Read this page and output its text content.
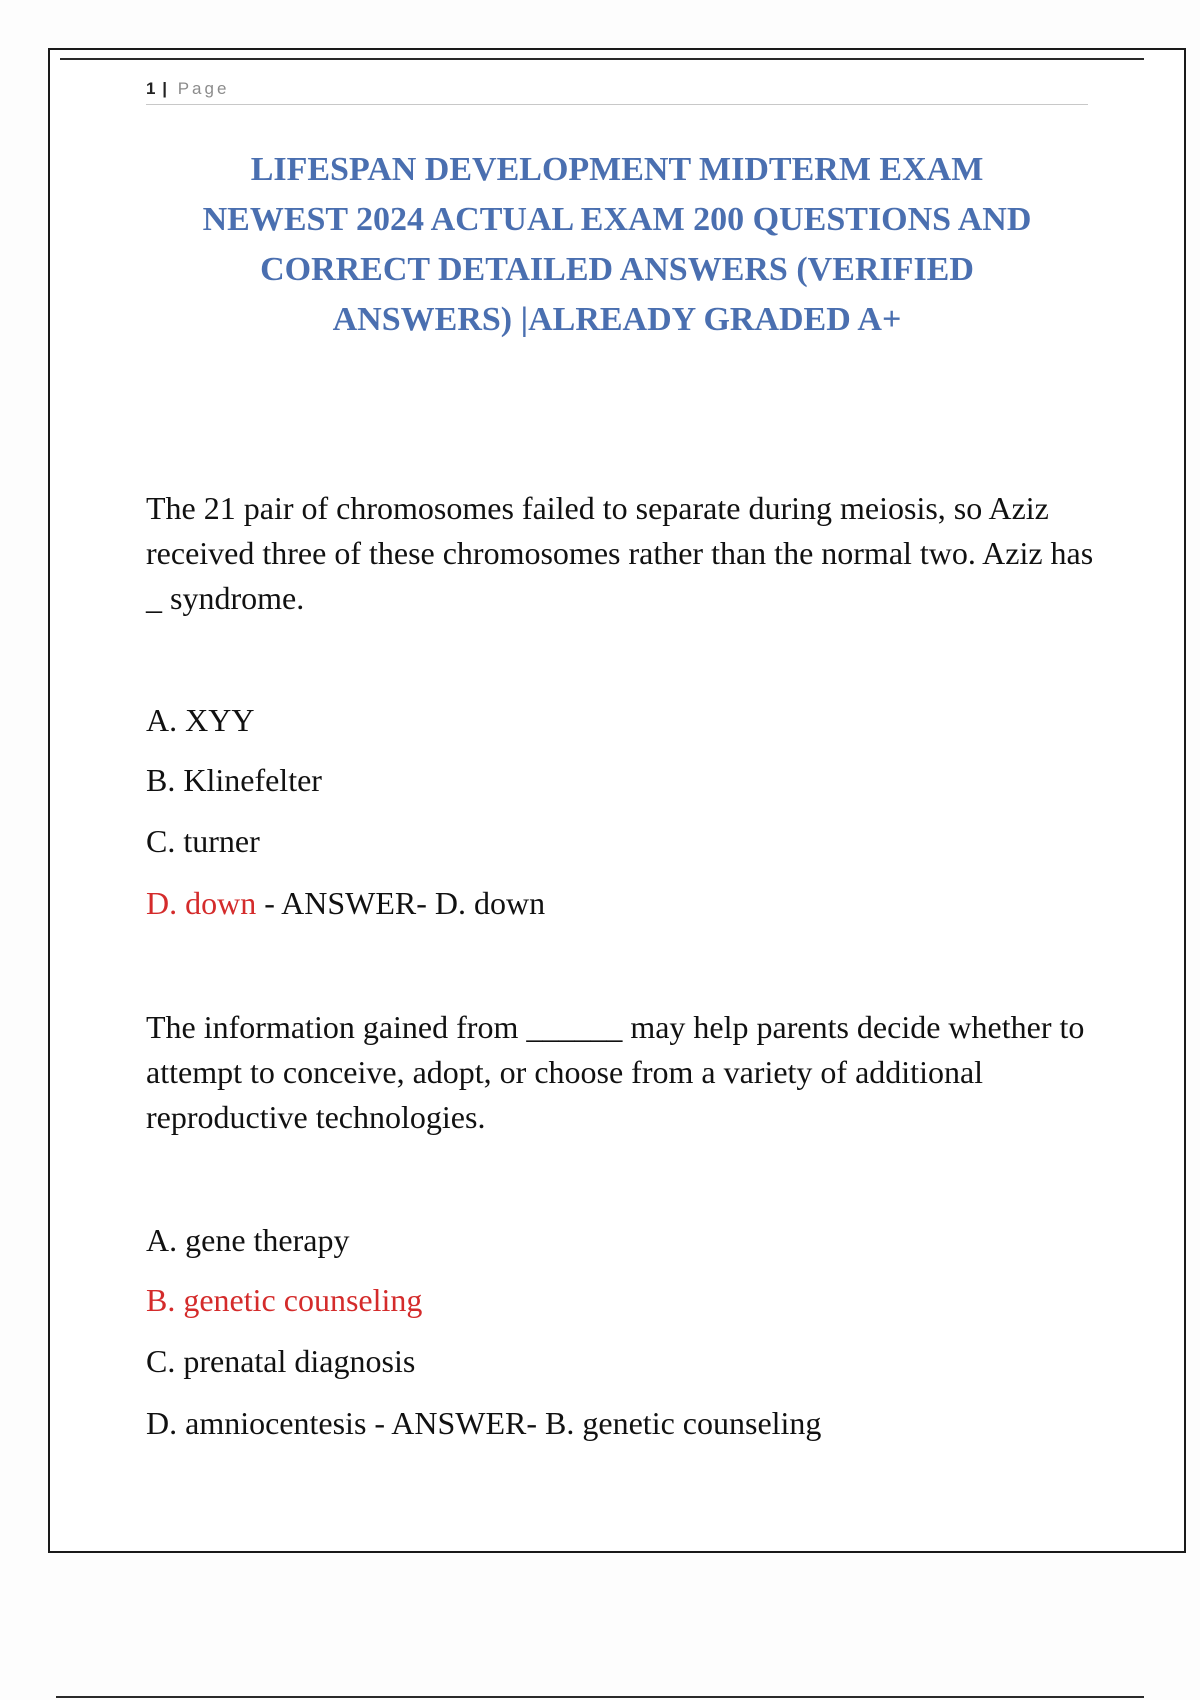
1 | Page
LIFESPAN DEVELOPMENT MIDTERM EXAM
NEWEST 2024 ACTUAL EXAM 200 QUESTIONS AND
CORRECT DETAILED ANSWERS (VERIFIED
ANSWERS) |ALREADY GRADED A+
The 21 pair of chromosomes failed to separate during meiosis, so Aziz received three of these chromosomes rather than the normal two. Aziz has _ syndrome.
A. XYY
B. Klinefelter
C. turner
D. down - ANSWER- D. down
The information gained from ______ may help parents decide whether to attempt to conceive, adopt, or choose from a variety of additional reproductive technologies.
A. gene therapy
B. genetic counseling
C. prenatal diagnosis
D. amniocentesis - ANSWER- B. genetic counseling
